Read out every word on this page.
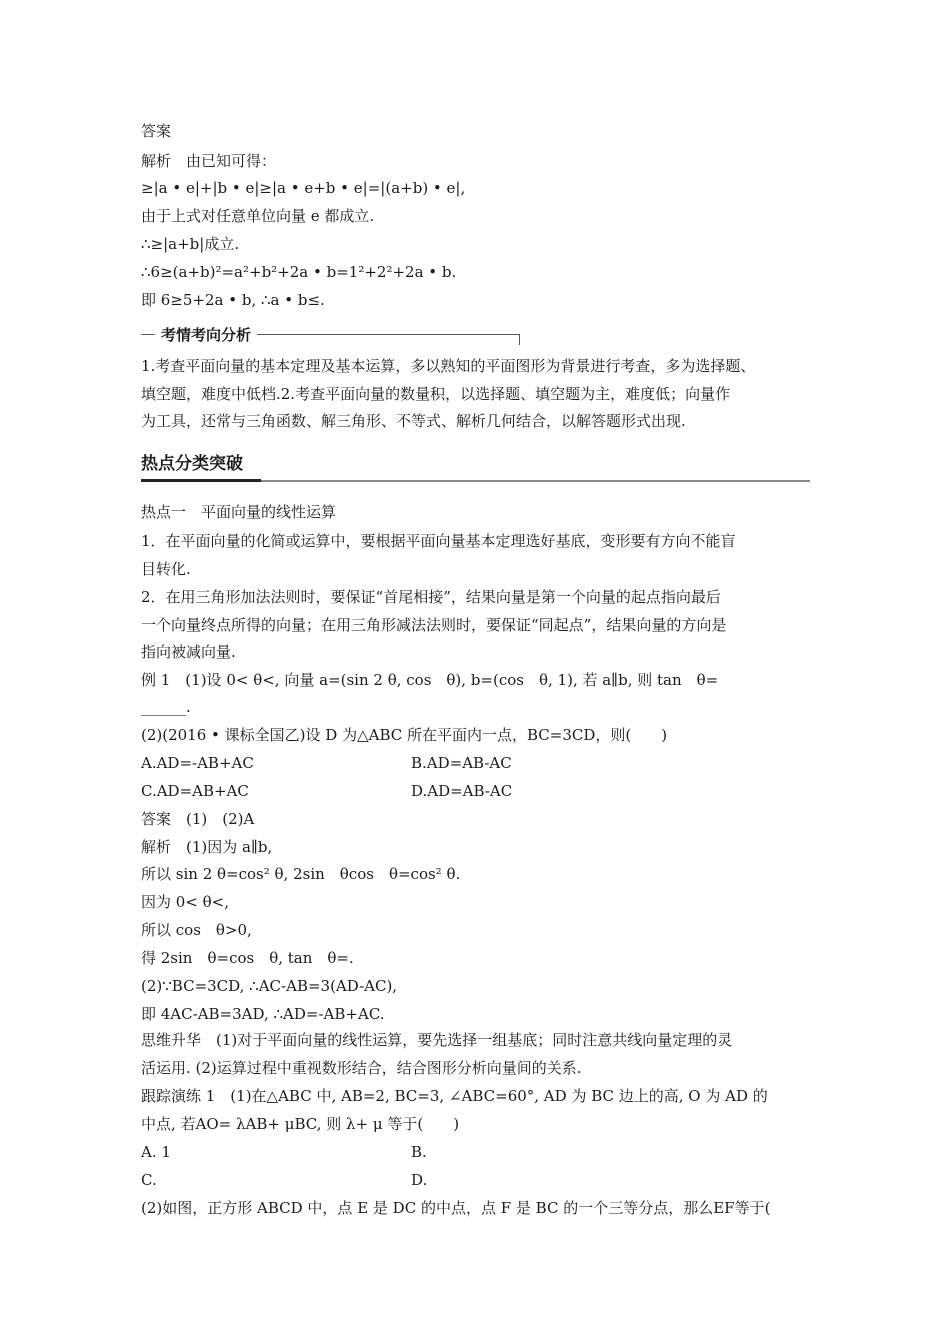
答案
解析　由已知可得：
≥|a • e|+|b • e|≥|a • e+b • e|=|(a+b) • e|,
由于上式对任意单位向量 e 都成立.
∴≥|a+b|成立.
∴6≥(a+b)²=a²+b²+2a • b=1²+2²+2a • b.
即 6≥5+2a • b, ∴a • b≤.
考情考向分析
1.考查平面向量的基本定理及基本运算，多以熟知的平面图形为背景进行考查，多为选择题、
填空题，难度中低档.2.考查平面向量的数量积，以选择题、填空题为主，难度低；向量作
为工具，还常与三角函数、解三角形、不等式、解析几何结合，以解答题形式出现.
热点分类突破
热点一　平面向量的线性运算
1．在平面向量的化简或运算中，要根据平面向量基本定理选好基底，变形要有方向不能盲
目转化.
2．在用三角形加法法则时，要保证“首尾相接”，结果向量是第一个向量的起点指向最后
一个向量终点所得的向量；在用三角形减法法则时，要保证“同起点”，结果向量的方向是
指向被减向量.
例 1　(1)设 0< θ<, 向量 a=(sin 2 θ, cos　θ), b=(cos　θ, 1), 若 a∥b, 则 tan　θ=
______.
(2)(2016 • 课标全国乙)设 D 为△ABC 所在平面内一点，BC=3CD，则(　　)
A.AD=-AB+AC	B.AD=AB-AC
C.AD=AB+AC	D.AD=AB-AC
答案　(1)　(2)A
解析　(1)因为 a∥b,
所以 sin 2 θ=cos² θ, 2sin　θcos　θ=cos² θ.
因为 0< θ<,
所以 cos　θ>0,
得 2sin　θ=cos　θ, tan　θ=.
(2)∵BC=3CD, ∴AC-AB=3(AD-AC),
即 4AC-AB=3AD, ∴AD=-AB+AC.
思维升华　(1)对于平面向量的线性运算，要先选择一组基底；同时注意共线向量定理的灵
活运用. (2)运算过程中重视数形结合，结合图形分析向量间的关系.
跟踪演练 1　(1)在△ABC 中, AB=2, BC=3, ∠ABC=60°, AD 为 BC 边上的高, O 为 AD 的
中点, 若AO= λAB+ μBC, 则 λ+ μ 等于(　　)
A. 1	B.
C.	D.
(2)如图，正方形 ABCD 中，点 E 是 DC 的中点，点 F 是 BC 的一个三等分点，那么EF等于(
